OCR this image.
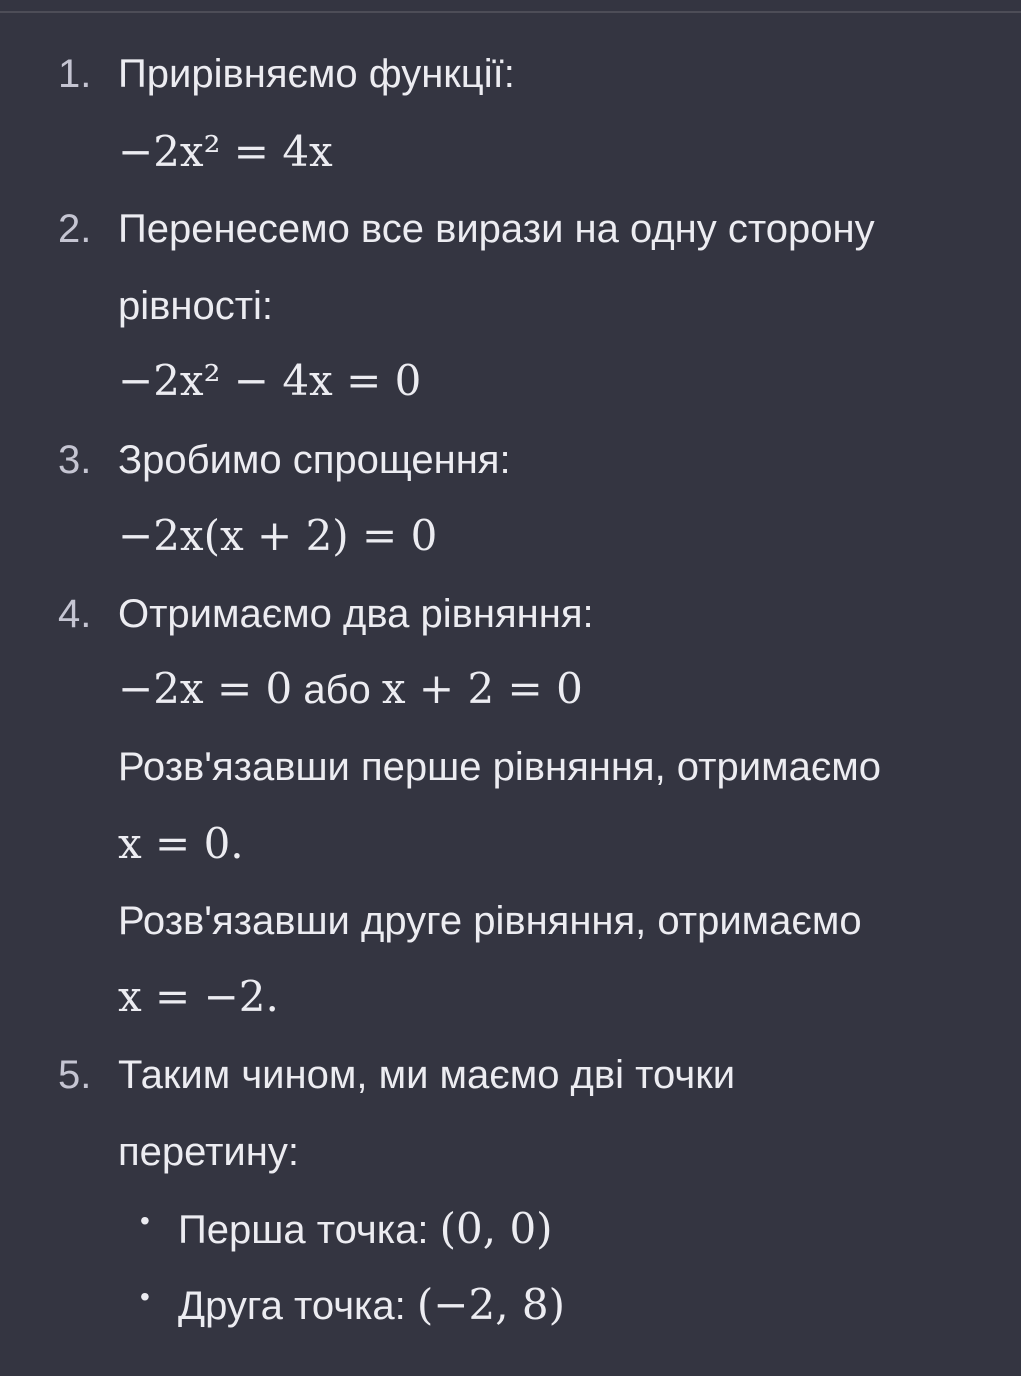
1. Прирівняємо функції:
−2x² = 4x
2. Перенесемо все вирази на одну сторону
рівності:
−2x² − 4x = 0
3. Зробимо спрощення:
−2x(x + 2) = 0
4. Отримаємо два рівняння:
−2x = 0 або x + 2 = 0
Розв'язавши перше рівняння, отримаємо
x = 0.
Розв'язавши друге рівняння, отримаємо
x = −2.
5. Таким чином, ми маємо дві точки
перетину:
• Перша точка: (0, 0)
• Друга точка: (−2, 8)
